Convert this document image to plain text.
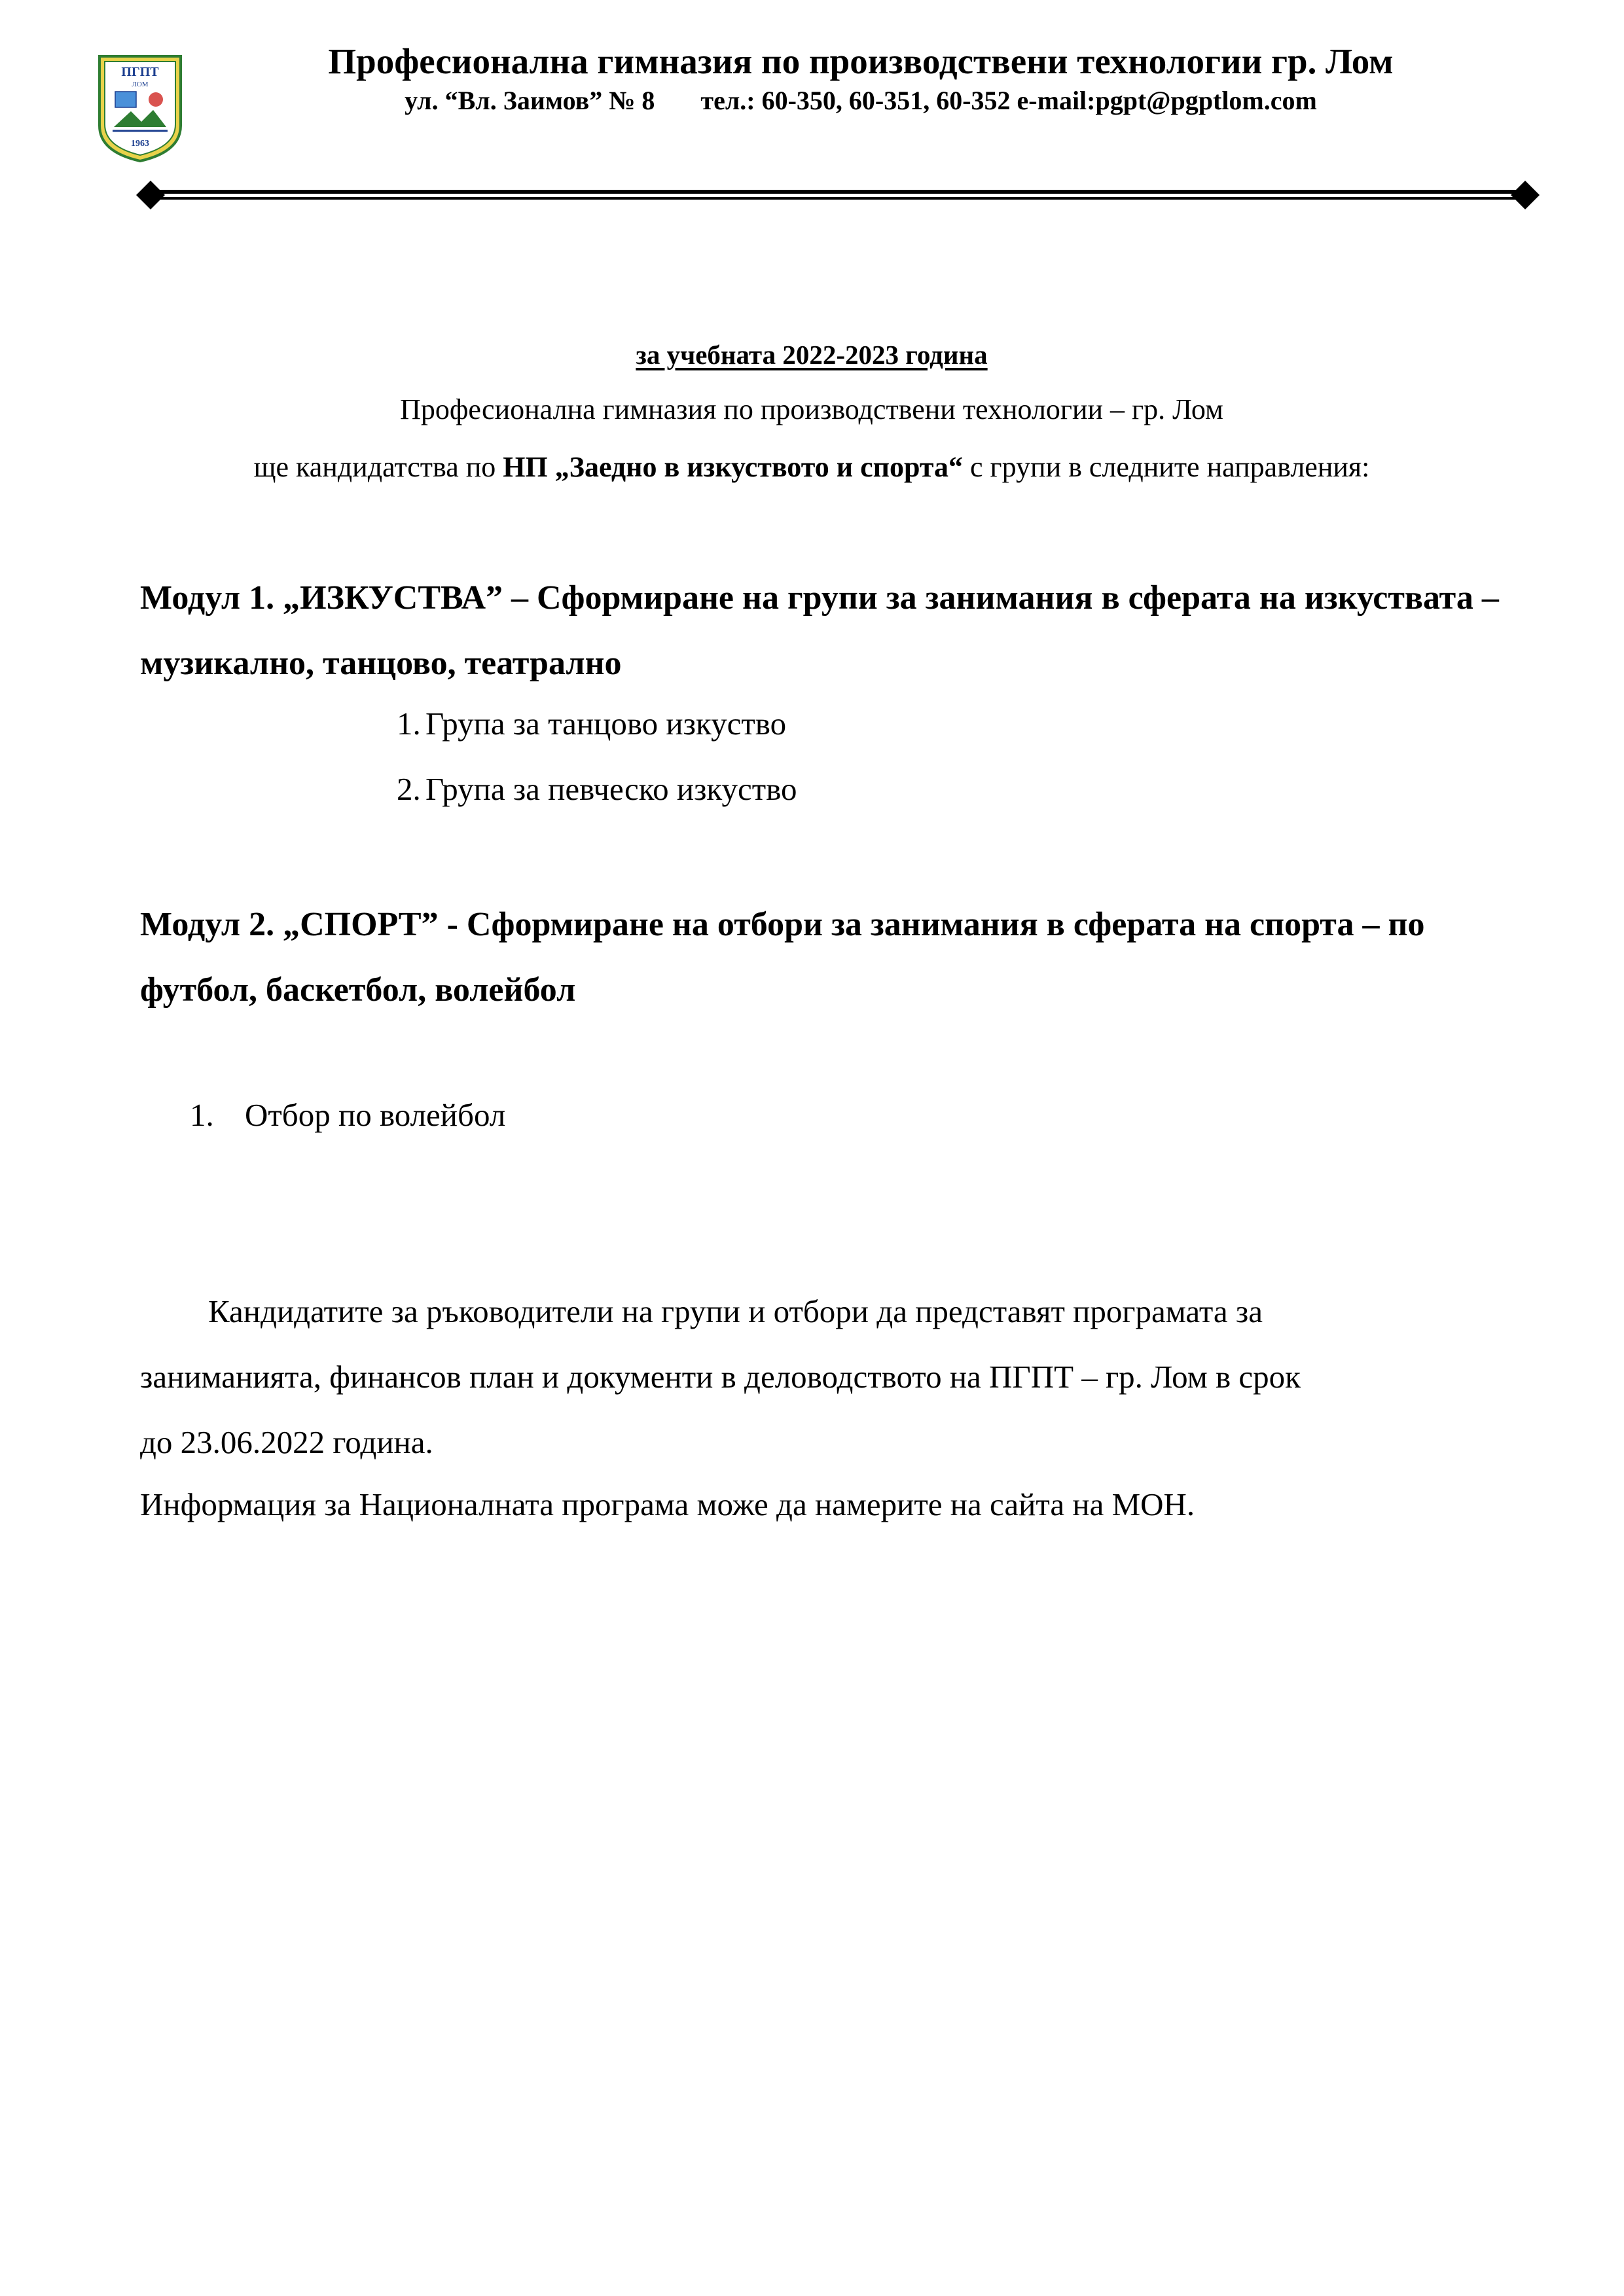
ПГПТ
ЛОМ
1963
Професионална гимназия по производствени технологии гр. Лом
ул. “Вл. Заимов” № 8 тел.: 60-350, 60-351, 60-352 e-mail:pgpt@pgptlom.com
за учебната 2022-2023 година
Професионална гимназия по производствени технологии – гр. Лом
ще кандидатства по НП „Заедно в изкуството и спорта“ с групи в следните направления:
Модул 1. „ИЗКУСТВА” – Сформиране на групи за занимания в сферата на изкуствата – музикално, танцово, театрално
1. Група за танцово изкуство
2. Група за певческо изкуство
Модул 2. „СПОРТ” - Сформиране на отбори за занимания в сферата на спорта – по футбол, баскетбол, волейбол
1. Отбор по волейбол
Кандидатите за ръководители на групи и отбори да представят програмата за
заниманията, финансов план и документи в деловодството на ПГПТ – гр. Лом в срок
до 23.06.2022 година.
Информация за Националната програма може да намерите на сайта на МОН.
